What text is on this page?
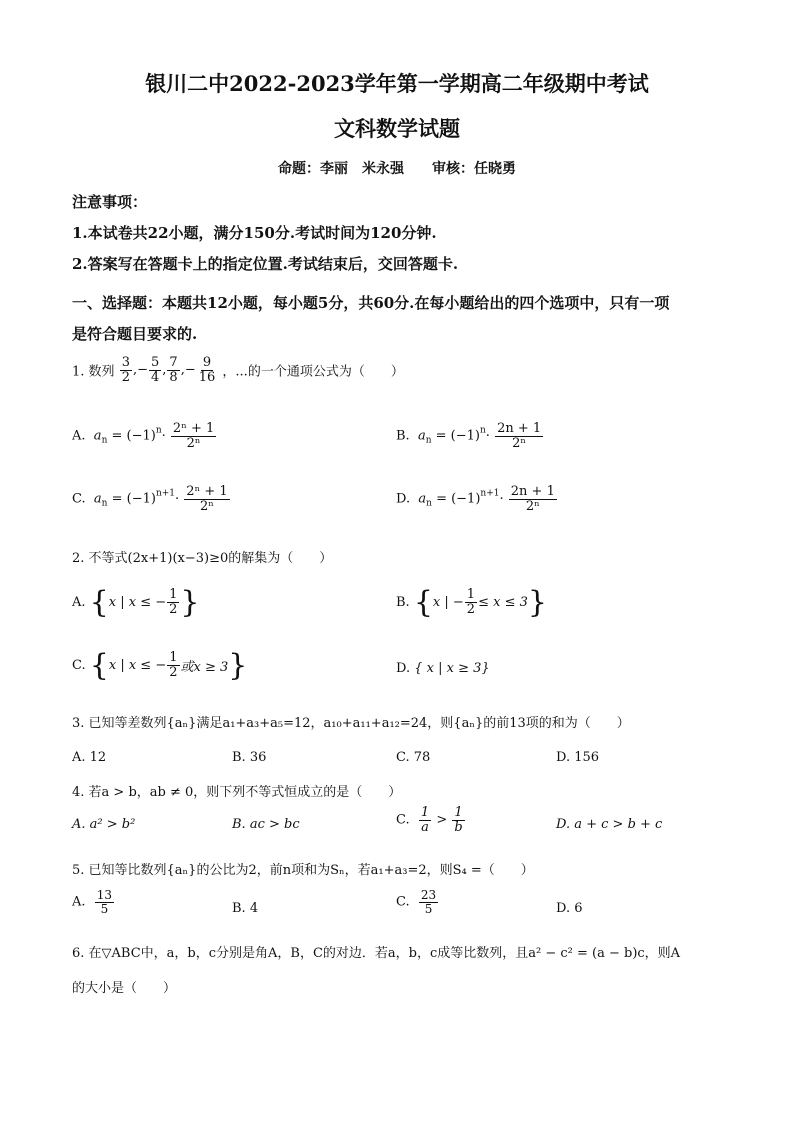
银川二中2022-2023学年第一学期高二年级期中考试
文科数学试题
命题：李丽　米永强　　审核：任晓勇
注意事项：
1.本试卷共22小题，满分150分.考试时间为120分钟.
2.答案写在答题卡上的指定位置.考试结束后，交回答题卡.
一、选择题：本题共12小题，每小题5分，共60分.在每小题给出的四个选项中，只有一项
是符合题目要求的.
1. 数列 $\frac{3}{2}$ ,− $\frac{5}{4}$ , $\frac{7}{8}$ ,− $\frac{9}{16}$ ，...的一个通项公式为（　　）
A. $a_n = (-1)^n\cdot \frac{\text{2ⁿ + 1}}{\text{2ⁿ}}$	B. $a_n = (-1)^n\cdot \frac{2n + 1}{\text{2ⁿ}}$
C. $a_n = (-1)^{n+1}\cdot \frac{\text{2ⁿ + 1}}{\text{2ⁿ}}$	D. $a_n = (-1)^{n+1}\cdot \frac{2n + 1}{\text{2ⁿ}}$
2. 不等式(2x+1)(x−3)≥0的解集为（　　）
A. {x | x ≤ − $\frac{1}{2}$ }	B. {x | − $\frac{1}{2} \le x \le 3$}
C. {x | x ≤ − $\frac{1}{2}$ 或x ≥ 3}	D. { x | x ≥ 3}
3. 已知等差数列{aₙ}满足a₁+a₃+a₅=12，a₁₀+a₁₁+a₁₂=24，则{aₙ}的前13项的和为（　　）
A. 12	B. 36	C. 78	D. 156
4. 若a > b，ab ≠ 0，则下列不等式恒成立的是（　　）
A. a² > b²	B. ac > bc	C. $\frac{1}{a} > \frac{1}{b}$	D. a + c > b + c
5. 已知等比数列{aₙ}的公比为2，前n项和为Sₙ，若a₁+a₃=2，则S₄ =（　　）
A. $\frac{13}{5}$	B. 4	C. $\frac{23}{5}$	D. 6
6. 在▽ABC中，a，b，c分别是角A，B，C的对边．若a，b，c成等比数列，且a² − c² = (a − b)c，则A
的大小是（　　）
